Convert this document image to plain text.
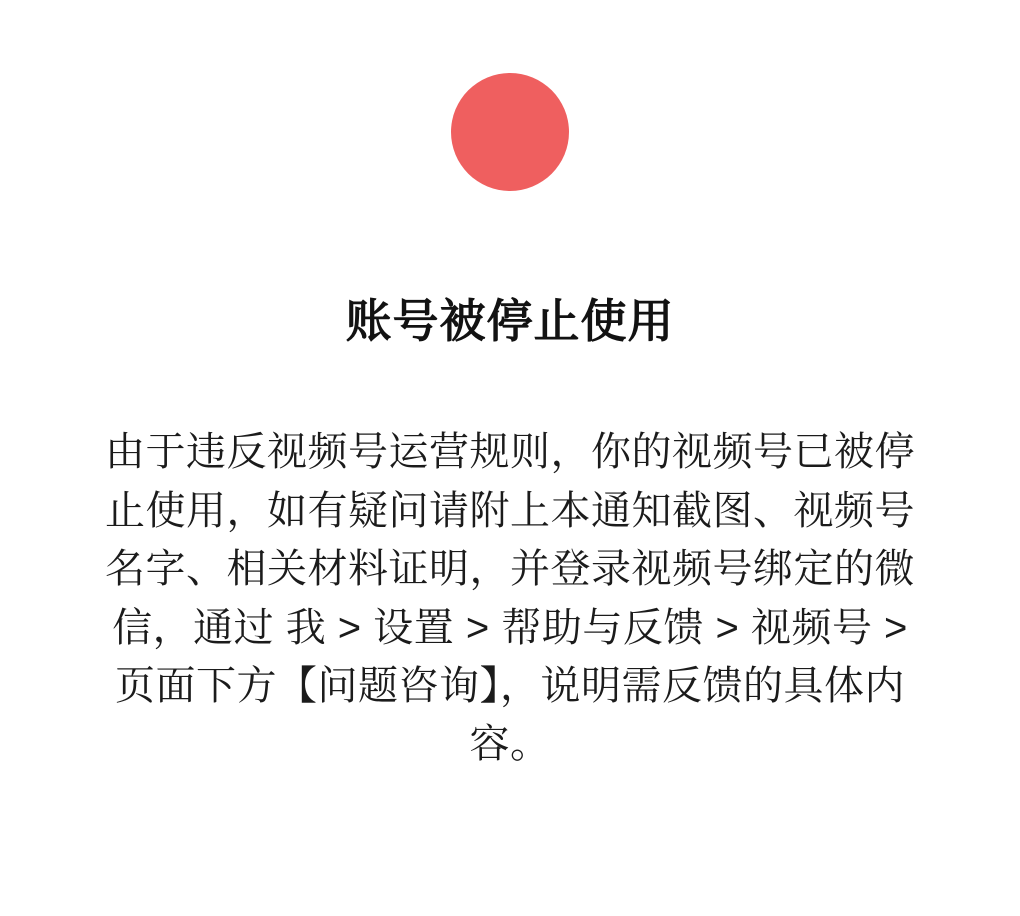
账号被停止使用

由于违反视频号运营规则，你的视频号已被停止使用，如有疑问请附上本通知截图、视频号名字、相关材料证明，并登录视频号绑定的微信，通过 我 > 设置 > 帮助与反馈 > 视频号 > 页面下方【问题咨询】，说明需反馈的具体内容。
